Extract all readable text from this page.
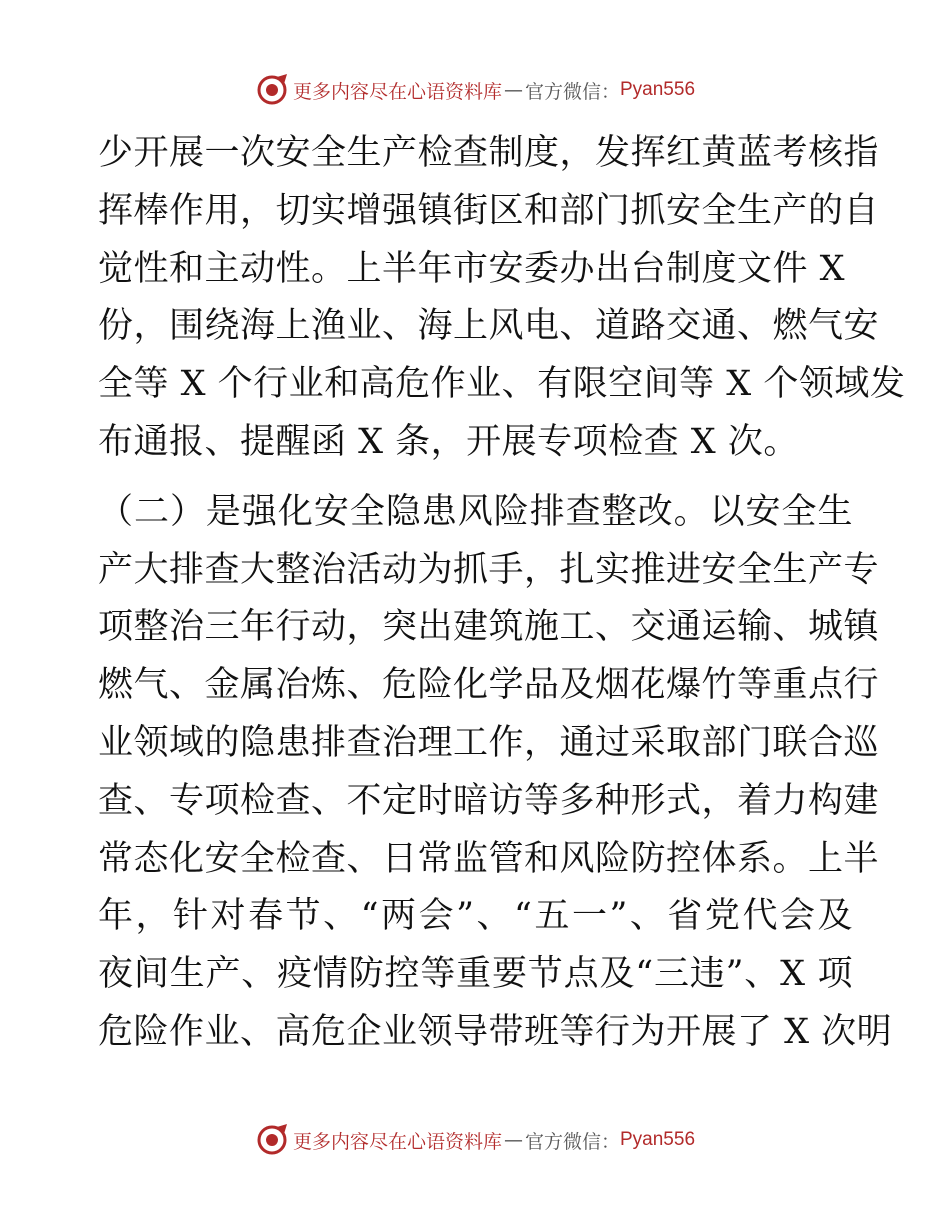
更多内容尽在心语资料库 — 官方微信： Pyan556
少开展一次安全生产检查制度，发挥红黄蓝考核指
挥棒作用，切实增强镇街区和部门抓安全生产的自
觉性和主动性。上半年市安委办出台制度文件 X
份，围绕海上渔业、海上风电、道路交通、燃气安
全等 X 个行业和高危作业、有限空间等 X 个领域发
布通报、提醒函 X 条，开展专项检查 X 次。
（二）是强化安全隐患风险排查整改。以安全生
产大排查大整治活动为抓手，扎实推进安全生产专
项整治三年行动，突出建筑施工、交通运输、城镇
燃气、金属冶炼、危险化学品及烟花爆竹等重点行
业领域的隐患排查治理工作，通过采取部门联合巡
查、专项检查、不定时暗访等多种形式，着力构建
常态化安全检查、日常监管和风险防控体系。上半
年，针对春节、“两会”、“五一”、省党代会及
夜间生产、疫情防控等重要节点及“三违”、X 项
危险作业、高危企业领导带班等行为开展了 X 次明
更多内容尽在心语资料库 — 官方微信： Pyan556
